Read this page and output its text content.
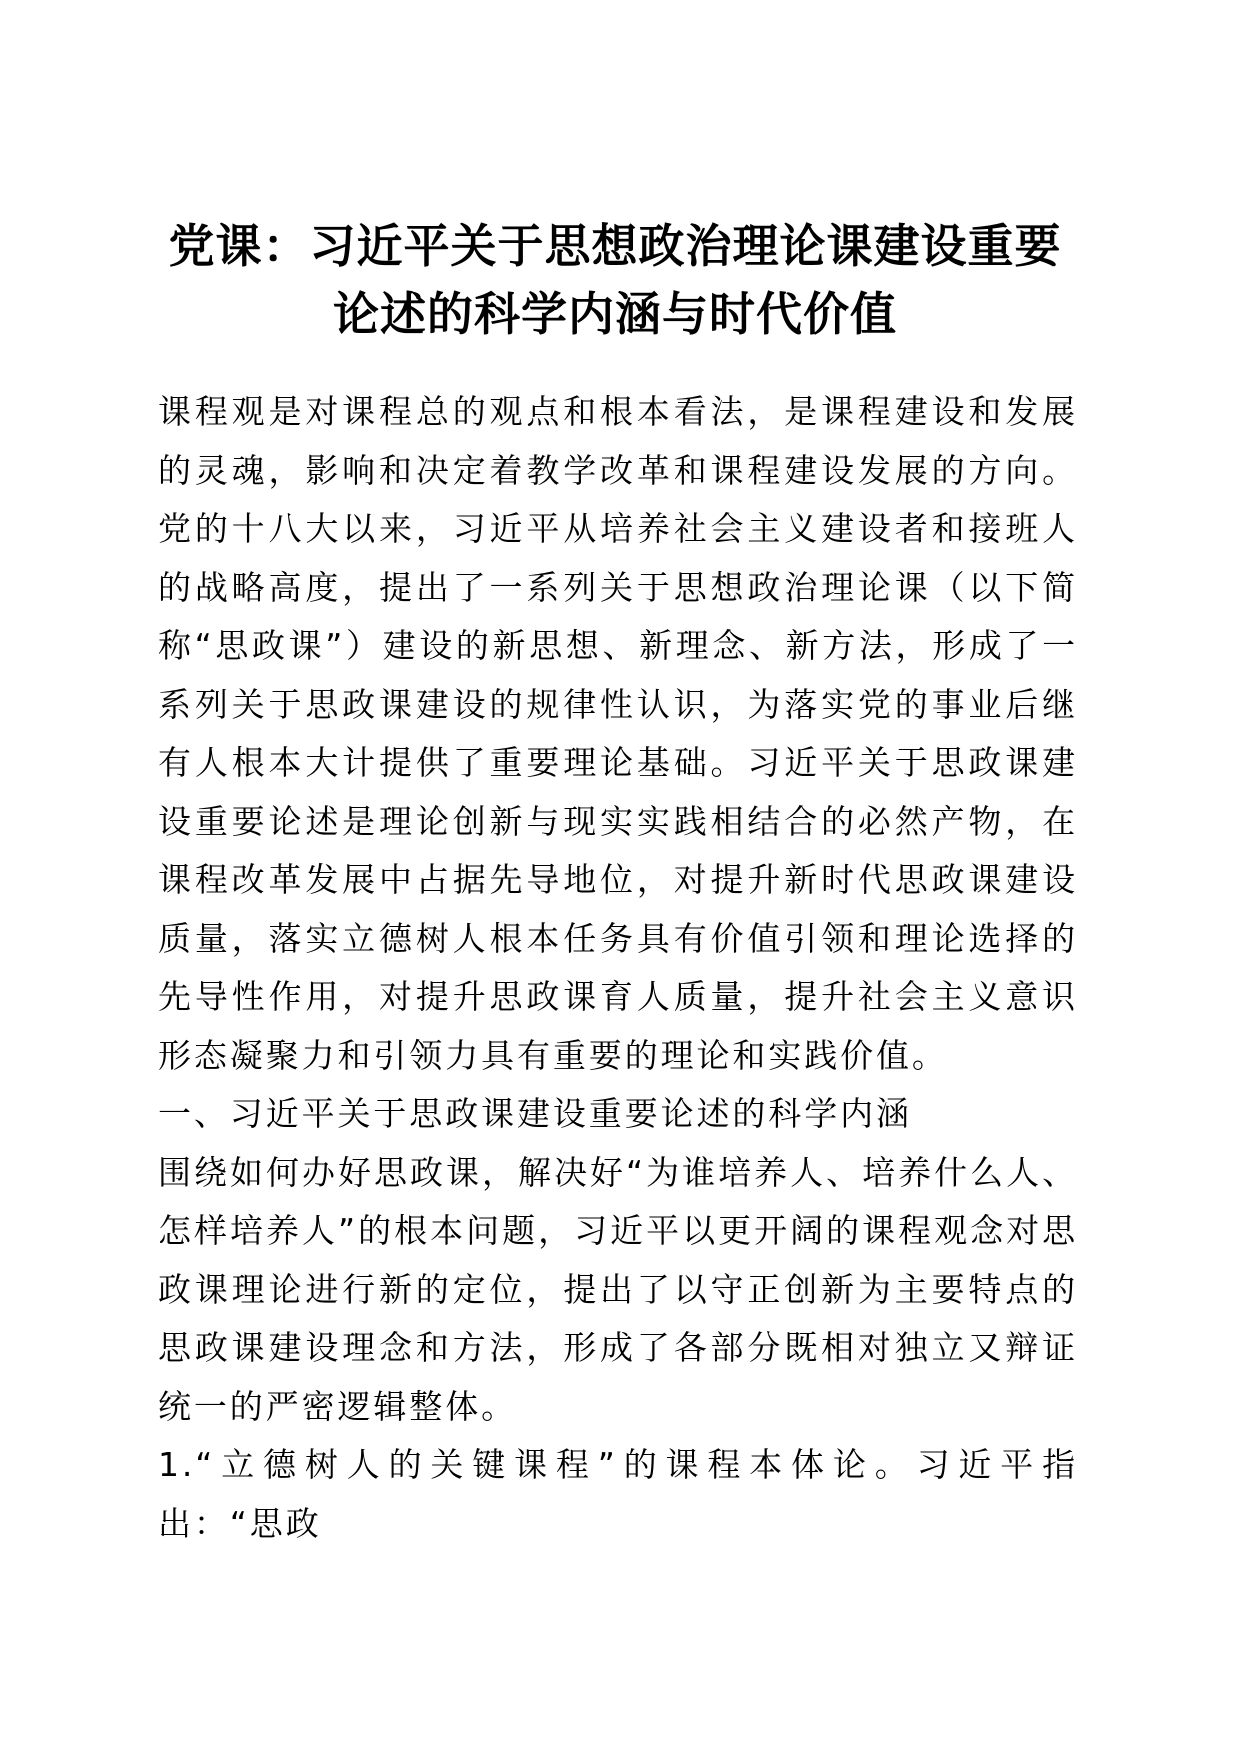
党课：习近平关于思想政治理论课建设重要论述的科学内涵与时代价值

课程观是对课程总的观点和根本看法，是课程建设和发展的灵魂，影响和决定着教学改革和课程建设发展的方向。党的十八大以来，习近平从培养社会主义建设者和接班人的战略高度，提出了一系列关于思想政治理论课（以下简称“思政课”）建设的新思想、新理念、新方法，形成了一系列关于思政课建设的规律性认识，为落实党的事业后继有人根本大计提供了重要理论基础。习近平关于思政课建设重要论述是理论创新与现实实践相结合的必然产物，在课程改革发展中占据先导地位，对提升新时代思政课建设质量，落实立德树人根本任务具有价值引领和理论选择的先导性作用，对提升思政课育人质量，提升社会主义意识形态凝聚力和引领力具有重要的理论和实践价值。

一、习近平关于思政课建设重要论述的科学内涵

围绕如何办好思政课，解决好“为谁培养人、培养什么人、怎样培养人”的根本问题，习近平以更开阔的课程观念对思政课理论进行新的定位，提出了以守正创新为主要特点的思政课建设理念和方法，形成了各部分既相对独立又辩证统一的严密逻辑整体。

1.“立德树人的关键课程”的课程本体论。习近平指出：“思政
